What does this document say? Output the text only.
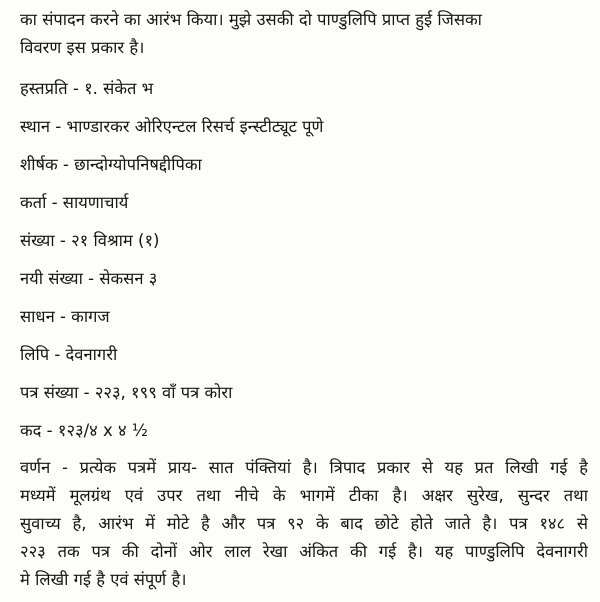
का संपादन करने का आरंभ किया। मुझे उसकी दो पाण्डुलिपि प्राप्त हुई जिसका
विवरण इस प्रकार है।
हस्तप्रति - १. संकेत भ
स्थान - भाण्डारकर ओरिएन्टल रिसर्च इन्स्टीट्यूट पूणे
शीर्षक - छान्दोग्योपनिषद्दीपिका
कर्ता - सायणाचार्य
संख्या - २१ विश्राम (१)
नयी संख्या - सेकसन ३
साधन - कागज
लिपि - देवनागरी
पत्र संख्या - २२३, १९९ वाँ पत्र कोरा
कद - १२३/४ x ४ ½
वर्णन - प्रत्येक पत्रमें प्राय- सात पंक्तियां है। त्रिपाद प्रकार से यह प्रत लिखी गई है
मध्यमें मूलग्रंथ एवं उपर तथा नीचे के भागमें टीका है। अक्षर सुरेख, सुन्दर तथा
सुवाच्य है, आरंभ में मोटे है और पत्र ९२ के बाद छोटे होते जाते है। पत्र १४८ से
२२३ तक पत्र की दोनों ओर लाल रेखा अंकित की गई है। यह पाण्डुलिपि देवनागरी
मे लिखी गई है एवं संपूर्ण है।
